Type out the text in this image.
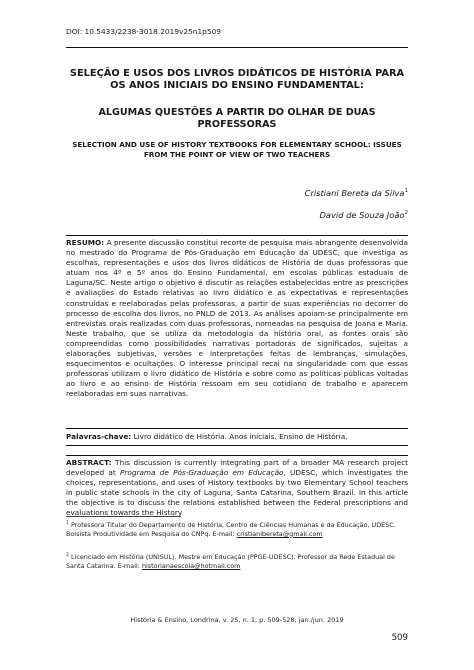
DOI: 10.5433/2238-3018.2019v25n1p509
SELEÇÃO E USOS DOS LIVROS DIDÁTICOS DE HISTÓRIA PARA OS ANOS INICIAIS DO ENSINO FUNDAMENTAL:
ALGUMAS QUESTÕES A PARTIR DO OLHAR DE DUAS PROFESSORAS
SELECTION AND USE OF HISTORY TEXTBOOKS FOR ELEMENTARY SCHOOL: ISSUES FROM THE POINT OF VIEW OF TWO TEACHERS
Cristiani Bereta da Silva$^1$
David de Souza João$^2$
RESUMO: A presente discussão constitui recorte de pesquisa mais abrangente desenvolvida no mestrado do Programa de Pós-Graduação em Educação da UDESC, que investiga as escolhas, representações e usos dos livros didáticos de História de duas professoras que atuam nos 4º e 5º anos do Ensino Fundamental, em escolas públicas estaduais de Laguna/SC. Neste artigo o objetivo é discutir as relações estabelecidas entre as prescrições e avaliações do Estado relativas ao livro didático e as expectativas e representações construídas e reelaboradas pelas professoras, a partir de suas experiências no decorrer do processo de escolha dos livros, no PNLD de 2013. As análises apoiam-se principalmente em entrevistas orais realizadas com duas professoras, nomeadas na pesquisa de Joana e Maria. Neste trabalho, que se utiliza da metodologia da história oral, as fontes orais são compreendidas como possibilidades narrativas portadoras de significados, sujeitas a elaborações subjetivas, versões e interpretações feitas de lembranças, simulações, esquecimentos e ocultações. O interesse principal recai na singularidade com que essas professoras utilizam o livro didático de História e sobre como as políticas públicas voltadas ao livro e ao ensino de História ressoam em seu cotidiano de trabalho e aparecem reelaboradas em suas narrativas.
Palavras-chave: Livro didático de História. Anos iniciais. Ensino de História.
ABSTRACT: This discussion is currently integrating part of a broader MA research project developed at Programa de Pós-Graduação em Educação, UDESC, which investigates the choices, representations, and uses of History textbooks by two Elementary School teachers in public state schools in the city of Laguna, Santa Catarina, Southern Brazil. In this article the objective is to discuss the relations established between the Federal prescriptions and evaluations towards the History
$^1$ Professora Titular do Departamento de História, Centro de Ciências Humanas e da Educação, UDESC. Bolsista Produtividade em Pesquisa do CNPq. E-mail: cristianibereta@gmail.com
$^2$ Licenciado em História (UNISUL). Mestre em Educação (PPGE-UDESC). Professor da Rede Estadual de Santa Catarina. E-mail: historianaescola@hotmail.com
História & Ensino, Londrina, v. 25, n. 1, p. 509-528, jan./jun. 2019
509
